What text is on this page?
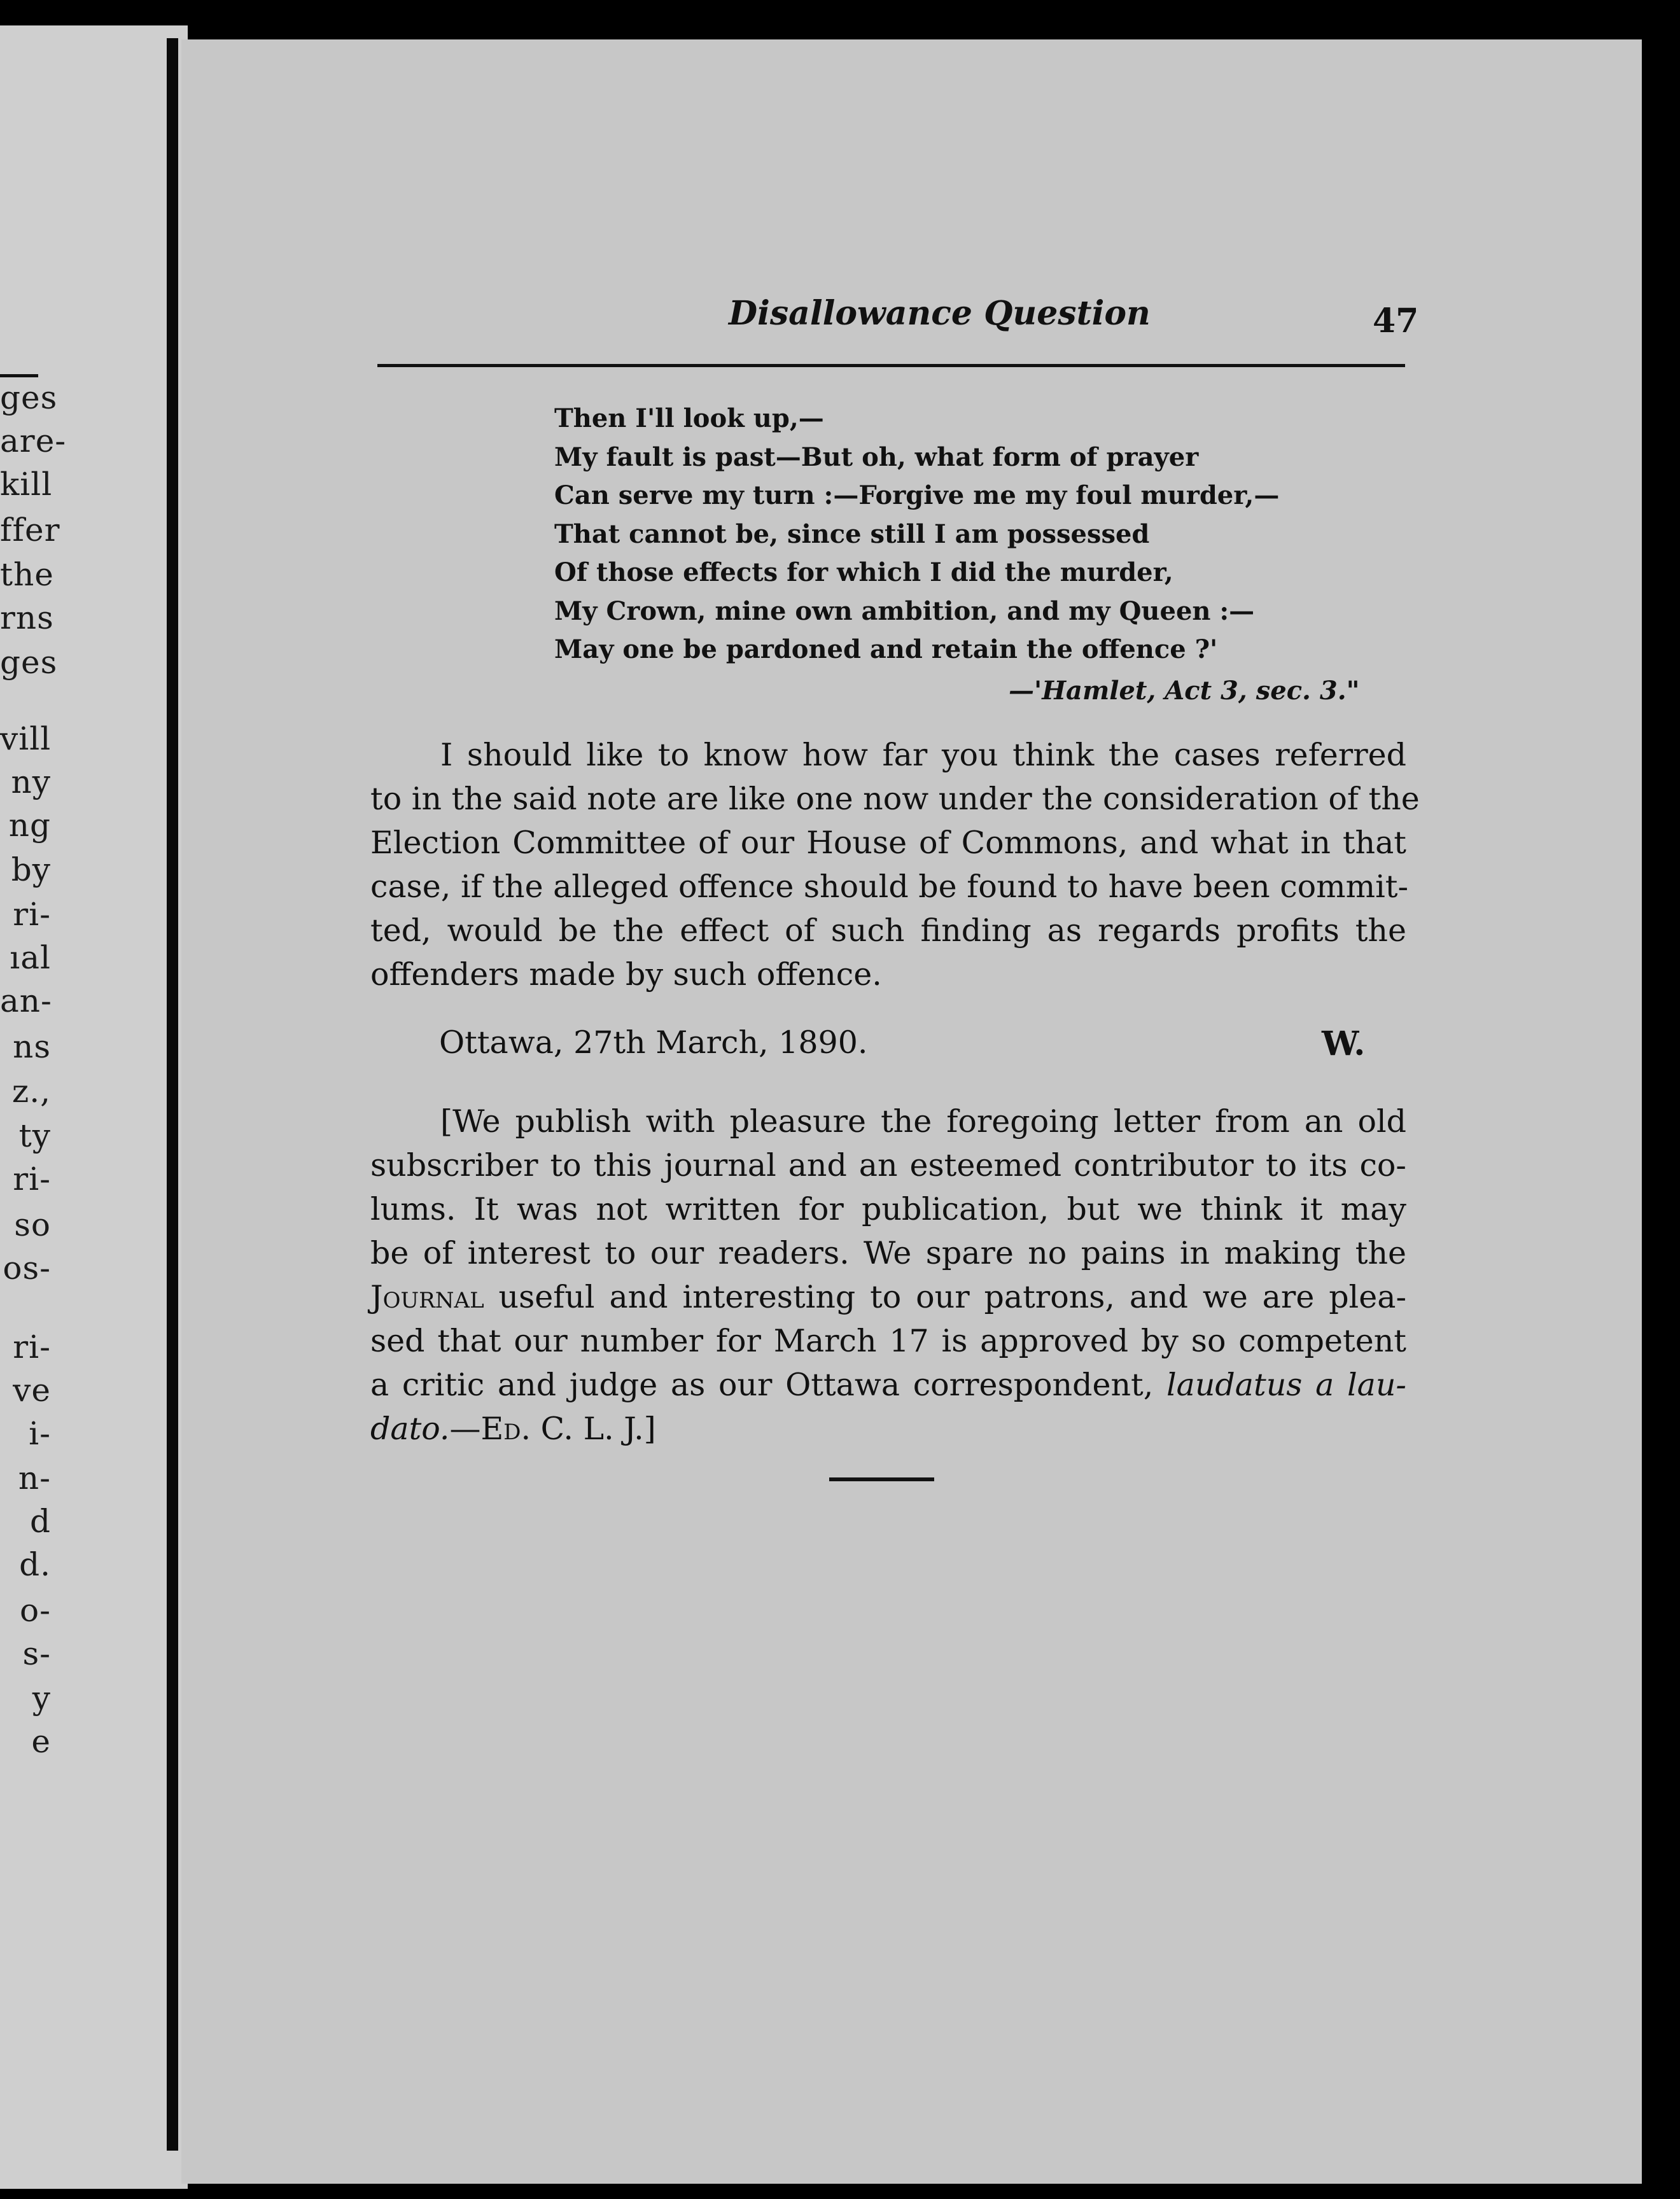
ges
are-
kill
ffer
the
rns
ges
vill
ny
ng
by
ri-
ıal
an-
ns
z.,
ty
ri-
so
os-
ri-
ve
i-
n-
d
d.
o-
s-
y
e
Disallowance Question	47
Then I'll look up,—
My fault is past—But oh, what form of prayer
Can serve my turn :—Forgive me my foul murder,—
That cannot be, since still I am possessed
Of those effects for which I did the murder,
My Crown, mine own ambition, and my Queen :—
May one be pardoned and retain the offence ?'
—'Hamlet, Act 3, sec. 3."
I should like to know how far you think the cases referred
to in the said note are like one now under the consideration of the
Election Committee of our House of Commons, and what in that
case, if the alleged offence should be found to have been commit-
ted, would be the effect of such finding as regards profits the
offenders made by such offence.
Ottawa, 27th March, 1890.	W.
[We publish with pleasure the foregoing letter from an old
subscriber to this journal and an esteemed contributor to its co-
lums. It was not written for publication, but we think it may
be of interest to our readers. We spare no pains in making the
Journal useful and interesting to our patrons, and we are plea-
sed that our number for March 17 is approved by so competent
a critic and judge as our Ottawa correspondent, laudatus a lau-
dato.—Ed. C. L. J.]
